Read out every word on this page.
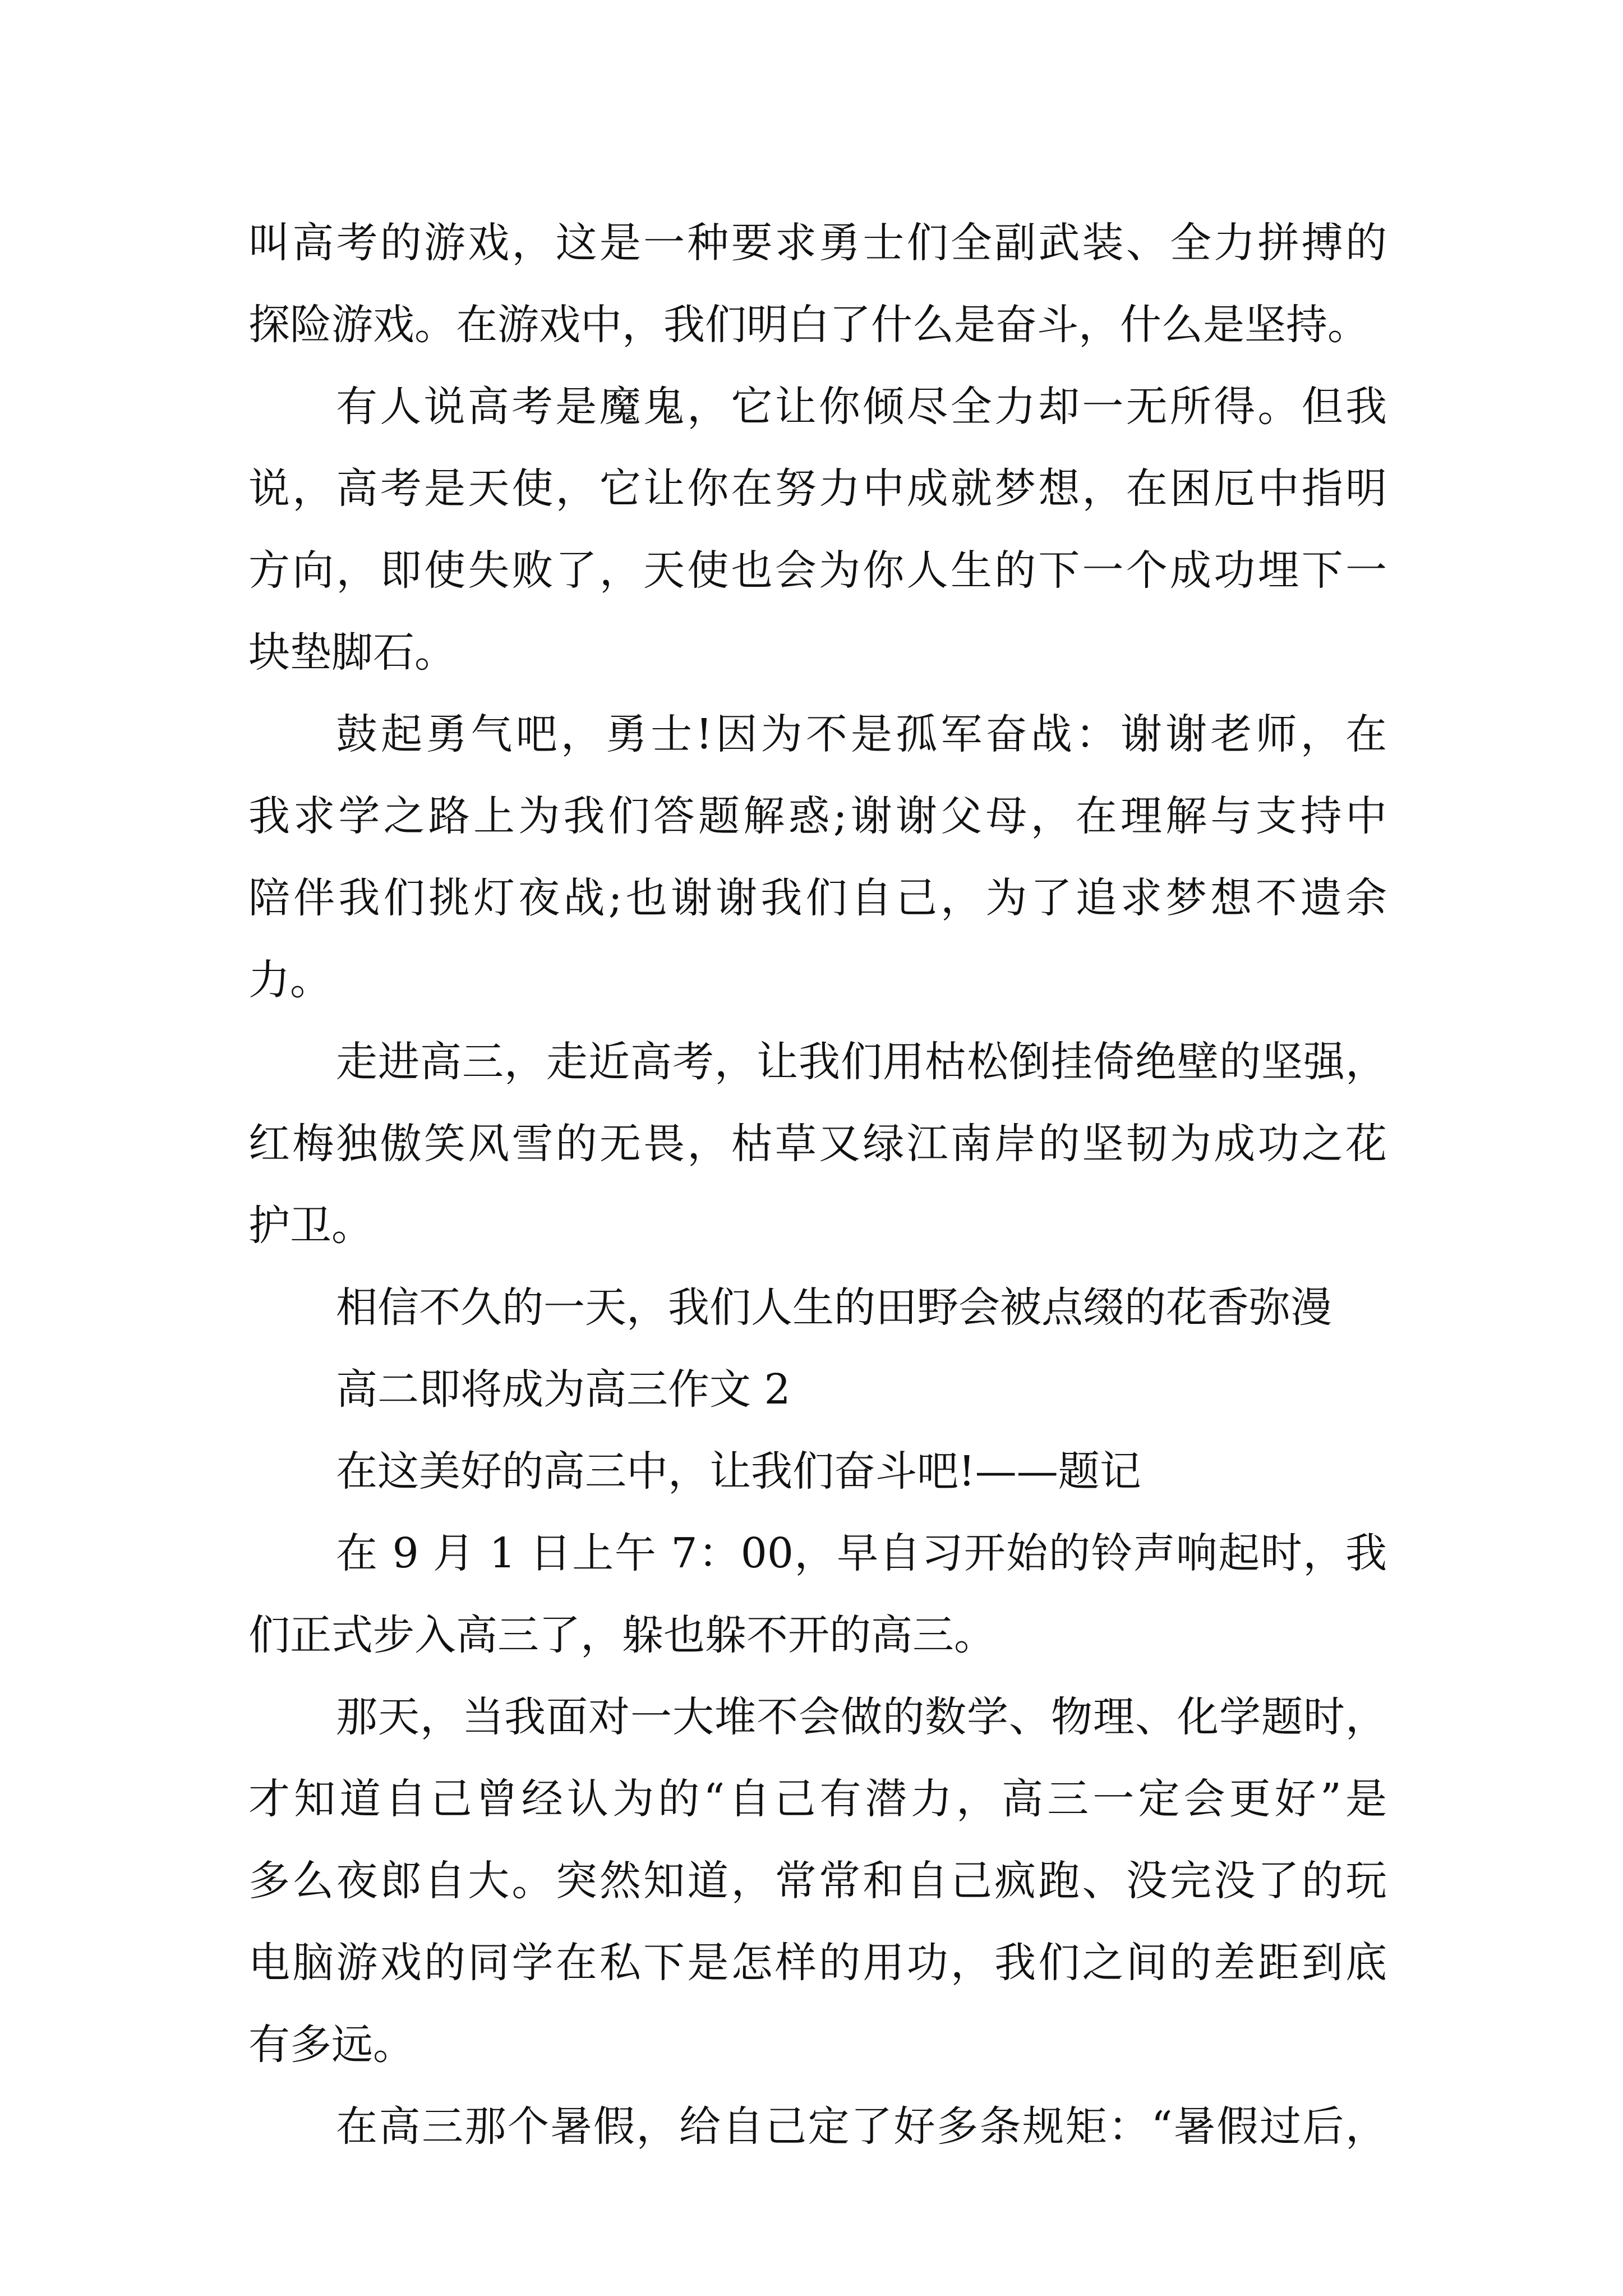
叫高考的游戏，这是一种要求勇士们全副武装、全力拼搏的
探险游戏。在游戏中，我们明白了什么是奋斗，什么是坚持。
有人说高考是魔鬼，它让你倾尽全力却一无所得。但我
说，高考是天使，它让你在努力中成就梦想，在困厄中指明
方向，即使失败了，天使也会为你人生的下一个成功埋下一
块垫脚石。
鼓起勇气吧，勇士!因为不是孤军奋战：谢谢老师，在
我求学之路上为我们答题解惑;谢谢父母，在理解与支持中
陪伴我们挑灯夜战;也谢谢我们自己，为了追求梦想不遗余
力。
走进高三，走近高考，让我们用枯松倒挂倚绝壁的坚强，
红梅独傲笑风雪的无畏，枯草又绿江南岸的坚韧为成功之花
护卫。
相信不久的一天，我们人生的田野会被点缀的花香弥漫
高二即将成为高三作文 2
在这美好的高三中，让我们奋斗吧!——题记
在 9 月 1 日上午 7：00，早自习开始的铃声响起时，我
们正式步入高三了，躲也躲不开的高三。
那天，当我面对一大堆不会做的数学、物理、化学题时，
才知道自己曾经认为的“自己有潜力，高三一定会更好”是
多么夜郎自大。突然知道，常常和自己疯跑、没完没了的玩
电脑游戏的同学在私下是怎样的用功，我们之间的差距到底
有多远。
在高三那个暑假，给自己定了好多条规矩：“暑假过后，
